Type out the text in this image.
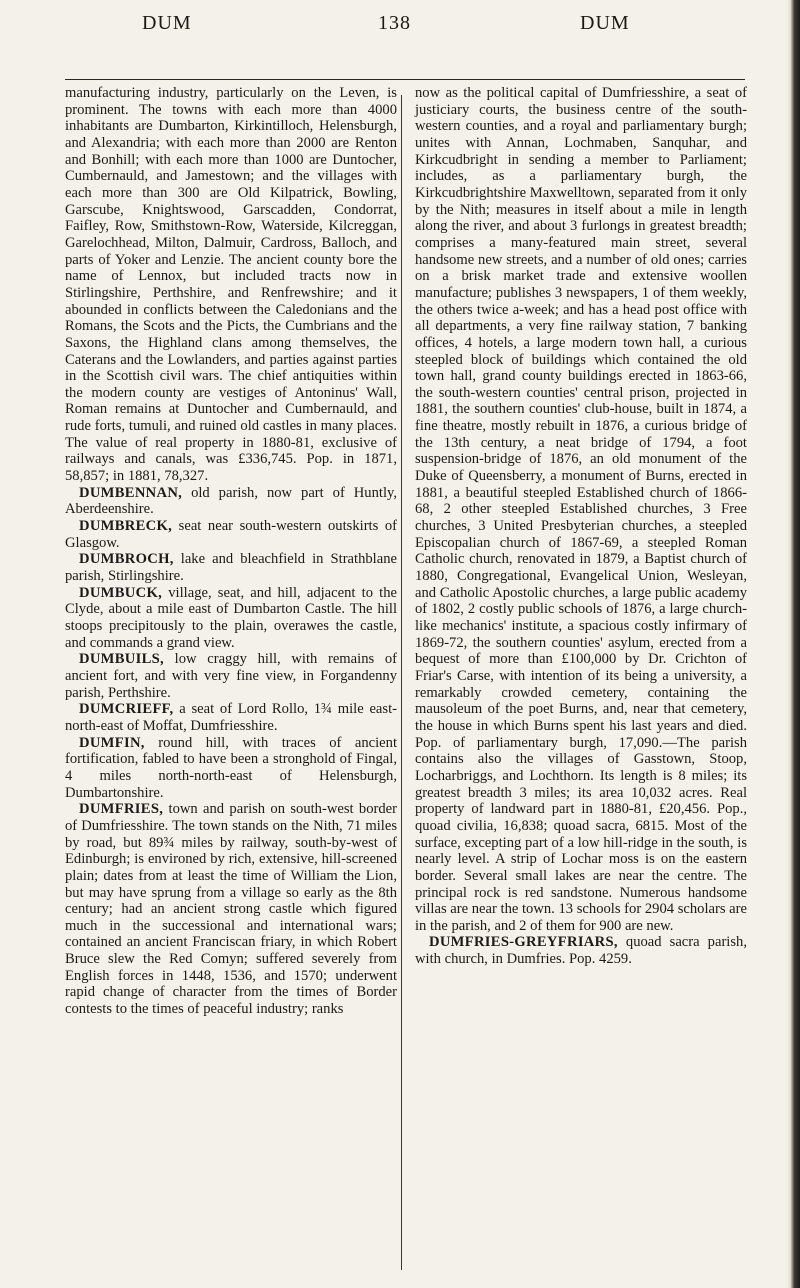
DUM	138	DUM

manufacturing industry, particularly on the Leven, is prominent. The towns with each more than 4000 inhabitants are Dumbarton, Kirkintilloch, Helensburgh, and Alexandria; with each more than 2000 are Renton and Bonhill; with each more than 1000 are Duntocher, Cumbernauld, and Jamestown; and the villages with each more than 300 are Old Kilpatrick, Bowling, Garscube, Knightswood, Garscadden, Condorrat, Faifley, Row, Smithstown-Row, Waterside, Kilcreggan, Garelochhead, Milton, Dalmuir, Cardross, Balloch, and parts of Yoker and Lenzie. The ancient county bore the name of Lennox, but included tracts now in Stirlingshire, Perthshire, and Renfrewshire; and it abounded in conflicts between the Caledonians and the Romans, the Scots and the Picts, the Cumbrians and the Saxons, the Highland clans among themselves, the Caterans and the Lowlanders, and parties against parties in the Scottish civil wars. The chief antiquities within the modern county are vestiges of Antoninus' Wall, Roman remains at Duntocher and Cumbernauld, and rude forts, tumuli, and ruined old castles in many places. The value of real property in 1880-81, exclusive of railways and canals, was £336,745. Pop. in 1871, 58,857; in 1881, 78,327.

DUMBENNAN, old parish, now part of Huntly, Aberdeenshire.

DUMBRECK, seat near south-western outskirts of Glasgow.

DUMBROCH, lake and bleachfield in Strathblane parish, Stirlingshire.

DUMBUCK, village, seat, and hill, adjacent to the Clyde, about a mile east of Dumbarton Castle. The hill stoops precipitously to the plain, overawes the castle, and commands a grand view.

DUMBUILS, low craggy hill, with remains of ancient fort, and with very fine view, in Forgandenny parish, Perthshire.

DUMCRIEFF, a seat of Lord Rollo, 1¾ mile east-north-east of Moffat, Dumfriesshire.

DUMFIN, round hill, with traces of ancient fortification, fabled to have been a stronghold of Fingal, 4 miles north-north-east of Helensburgh, Dumbartonshire.

DUMFRIES, town and parish on south-west border of Dumfriesshire. The town stands on the Nith, 71 miles by road, but 89¾ miles by railway, south-by-west of Edinburgh; is environed by rich, extensive, hill-screened plain; dates from at least the time of William the Lion, but may have sprung from a village so early as the 8th century; had an ancient strong castle which figured much in the successional and international wars; contained an ancient Franciscan friary, in which Robert Bruce slew the Red Comyn; suffered severely from English forces in 1448, 1536, and 1570; underwent rapid change of character from the times of Border contests to the times of peaceful industry; ranks

now as the political capital of Dumfriesshire, a seat of justiciary courts, the business centre of the south-western counties, and a royal and parliamentary burgh; unites with Annan, Lochmaben, Sanquhar, and Kirkcudbright in sending a member to Parliament; includes, as a parliamentary burgh, the Kirkcudbrightshire Maxwelltown, separated from it only by the Nith; measures in itself about a mile in length along the river, and about 3 furlongs in greatest breadth; comprises a many-featured main street, several handsome new streets, and a number of old ones; carries on a brisk market trade and extensive woollen manufacture; publishes 3 newspapers, 1 of them weekly, the others twice a-week; and has a head post office with all departments, a very fine railway station, 7 banking offices, 4 hotels, a large modern town hall, a curious steepled block of buildings which contained the old town hall, grand county buildings erected in 1863-66, the south-western counties' central prison, projected in 1881, the southern counties' club-house, built in 1874, a fine theatre, mostly rebuilt in 1876, a curious bridge of the 13th century, a neat bridge of 1794, a foot suspension-bridge of 1876, an old monument of the Duke of Queensberry, a monument of Burns, erected in 1881, a beautiful steepled Established church of 1866-68, 2 other steepled Established churches, 3 Free churches, 3 United Presbyterian churches, a steepled Episcopalian church of 1867-69, a steepled Roman Catholic church, renovated in 1879, a Baptist church of 1880, Congregational, Evangelical Union, Wesleyan, and Catholic Apostolic churches, a large public academy of 1802, 2 costly public schools of 1876, a large church-like mechanics' institute, a spacious costly infirmary of 1869-72, the southern counties' asylum, erected from a bequest of more than £100,000 by Dr. Crichton of Friar's Carse, with intention of its being a university, a remarkably crowded cemetery, containing the mausoleum of the poet Burns, and, near that cemetery, the house in which Burns spent his last years and died. Pop. of parliamentary burgh, 17,090.—The parish contains also the villages of Gasstown, Stoop, Locharbriggs, and Lochthorn. Its length is 8 miles; its greatest breadth 3 miles; its area 10,032 acres. Real property of landward part in 1880-81, £20,456. Pop., quoad civilia, 16,838; quoad sacra, 6815. Most of the surface, excepting part of a low hill-ridge in the south, is nearly level. A strip of Lochar moss is on the eastern border. Several small lakes are near the centre. The principal rock is red sandstone. Numerous handsome villas are near the town. 13 schools for 2904 scholars are in the parish, and 2 of them for 900 are new.

DUMFRIES-GREYFRIARS, quoad sacra parish, with church, in Dumfries. Pop. 4259.
